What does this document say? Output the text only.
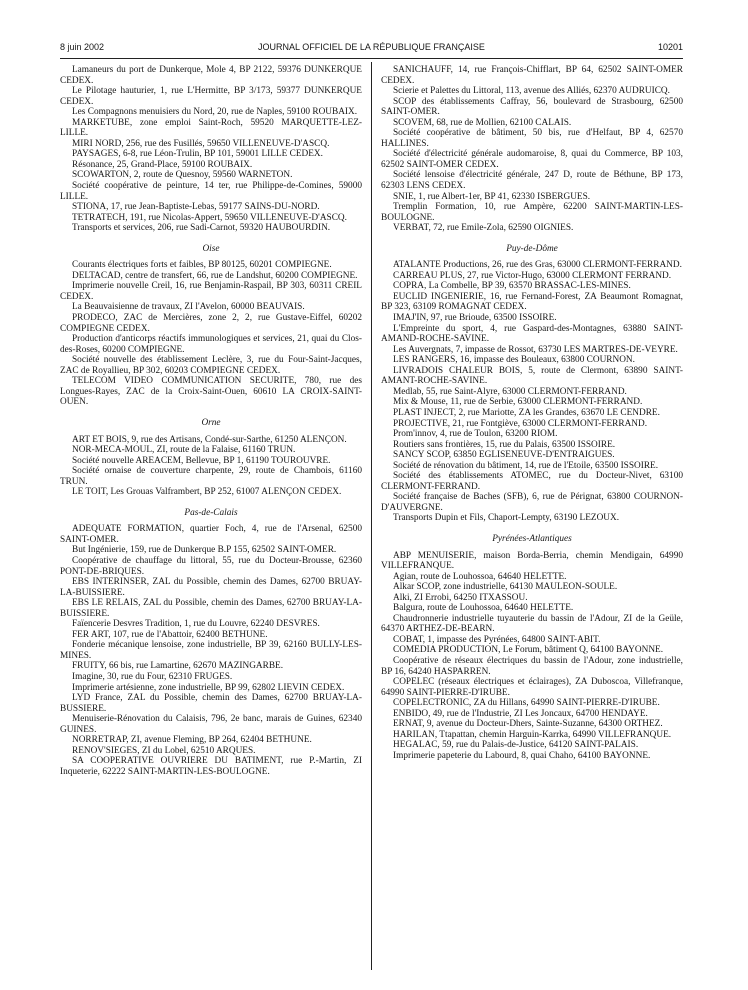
8 juin 2002	JOURNAL OFFICIEL DE LA RÉPUBLIQUE FRANÇAISE	10201

Lamaneurs du port de Dunkerque, Mole 4, BP 2122, 59376 DUNKERQUE CEDEX.

Le Pilotage hauturier, 1, rue L'Hermitte, BP 3/173, 59377 DUNKERQUE CEDEX.

Les Compagnons menuisiers du Nord, 20, rue de Naples, 59100 ROUBAIX.

MARKETUBE, zone emploi Saint-Roch, 59520 MARQUETTE-LEZ-LILLE.

MIRI NORD, 256, rue des Fusillés, 59650 VILLENEUVE-D'ASCQ.

PAYSAGES, 6-8, rue Léon-Trulin, BP 101, 59001 LILLE CEDEX.

Résonance, 25, Grand-Place, 59100 ROUBAIX.

SCOWARTON, 2, route de Quesnoy, 59560 WARNETON.

Société coopérative de peinture, 14 ter, rue Philippe-de-Comines, 59000 LILLE.

STIONA, 17, rue Jean-Baptiste-Lebas, 59177 SAINS-DU-NORD.

TETRATECH, 191, rue Nicolas-Appert, 59650 VILLENEUVE-D'ASCQ.

Transports et services, 206, rue Sadi-Carnot, 59320 HAUBOURDIN.

Oise

Courants électriques forts et faibles, BP 80125, 60201 COMPIEGNE.

DELTACAD, centre de transfert, 66, rue de Landshut, 60200 COMPIEGNE.

Imprimerie nouvelle Creil, 16, rue Benjamin-Raspail, BP 303, 60311 CREIL CEDEX.

La Beauvaisienne de travaux, ZI l'Avelon, 60000 BEAUVAIS.

PRODECO, ZAC de Mercières, zone 2, 2, rue Gustave-Eiffel, 60202 COMPIEGNE CEDEX.

Production d'anticorps réactifs immunologiques et services, 21, quai du Clos-des-Roses, 60200 COMPIEGNE.

Société nouvelle des établissement Leclère, 3, rue du Four-Saint-Jacques, ZAC de Royallieu, BP 302, 60203 COMPIEGNE CEDEX.

TELECOM VIDEO COMMUNICATION SECURITE, 780, rue des Longues-Rayes, ZAC de la Croix-Saint-Ouen, 60610 LA CROIX-SAINT-OUEN.

Orne

ART ET BOIS, 9, rue des Artisans, Condé-sur-Sarthe, 61250 ALENÇON.

NOR-MECA-MOUL, ZI, route de la Falaise, 61160 TRUN.

Société nouvelle AREACEM, Bellevue, BP 1, 61190 TOUROUVRE.

Société ornaise de couverture charpente, 29, route de Chambois, 61160 TRUN.

LE TOIT, Les Grouas Valframbert, BP 252, 61007 ALENÇON CEDEX.

Pas-de-Calais

ADEQUATE FORMATION, quartier Foch, 4, rue de l'Arsenal, 62500 SAINT-OMER.

But Ingénierie, 159, rue de Dunkerque B.P 155, 62502 SAINT-OMER.

Coopérative de chauffage du littoral, 55, rue du Docteur-Brousse, 62360 PONT-DE-BRIQUES.

EBS INTERINSER, ZAL du Possible, chemin des Dames, 62700 BRUAY-LA-BUISSIERE.

EBS LE RELAIS, ZAL du Possible, chemin des Dames, 62700 BRUAY-LA-BUISSIERE.

Faïencerie Desvres Tradition, 1, rue du Louvre, 62240 DESVRES.

FER ART, 107, rue de l'Abattoir, 62400 BETHUNE.

Fonderie mécanique lensoise, zone industrielle, BP 39, 62160 BULLY-LES-MINES.

FRUITY, 66 bis, rue Lamartine, 62670 MAZINGARBE.

Imagine, 30, rue du Four, 62310 FRUGES.

Imprimerie artésienne, zone industrielle, BP 99, 62802 LIEVIN CEDEX.

LYD France, ZAL du Possible, chemin des Dames, 62700 BRUAY-LA-BUSSIERE.

Menuiserie-Rénovation du Calaisis, 796, 2e banc, marais de Guines, 62340 GUINES.

NORRETRAP, ZI, avenue Fleming, BP 264, 62404 BETHUNE.

RENOV'SIEGES, ZI du Lobel, 62510 ARQUES.

SA COOPERATIVE OUVRIERE DU BATIMENT, rue P.-Martin, ZI Inqueterie, 62222 SAINT-MARTIN-LES-BOULOGNE.

SANICHAUFF, 14, rue François-Chifflart, BP 64, 62502 SAINT-OMER CEDEX.

Scierie et Palettes du Littoral, 113, avenue des Alliés, 62370 AUDRUICQ.

SCOP des établissements Caffray, 56, boulevard de Strasbourg, 62500 SAINT-OMER.

SCOVEM, 68, rue de Mollien, 62100 CALAIS.

Société coopérative de bâtiment, 50 bis, rue d'Helfaut, BP 4, 62570 HALLINES.

Société d'électricité générale audomaroise, 8, quai du Commerce, BP 103, 62502 SAINT-OMER CEDEX.

Société lensoise d'électricité générale, 247 D, route de Béthune, BP 173, 62303 LENS CEDEX.

SNIE, 1, rue Albert-1er, BP 41, 62330 ISBERGUES.

Tremplin Formation, 10, rue Ampère, 62200 SAINT-MARTIN-LES-BOULOGNE.

VERBAT, 72, rue Emile-Zola, 62590 OIGNIES.

Puy-de-Dôme

ATALANTE Productions, 26, rue des Gras, 63000 CLERMONT-FERRAND.

CARREAU PLUS, 27, rue Victor-Hugo, 63000 CLERMONT FERRAND.

COPRA, La Combelle, BP 39, 63570 BRASSAC-LES-MINES.

EUCLID INGENIERIE, 16, rue Fernand-Forest, ZA Beaumont Romagnat, BP 323, 63109 ROMAGNAT CEDEX.

IMAJ'IN, 97, rue Brioude, 63500 ISSOIRE.

L'Empreinte du sport, 4, rue Gaspard-des-Montagnes, 63880 SAINT-AMAND-ROCHE-SAVINE.

Les Auvergnats, 7, impasse de Rossot, 63730 LES MARTRES-DE-VEYRE.

LES RANGERS, 16, impasse des Bouleaux, 63800 COURNON.

LIVRADOIS CHALEUR BOIS, 5, route de Clermont, 63890 SAINT-AMANT-ROCHE-SAVINE.

Medlab, 55, rue Saint-Alyre, 63000 CLERMONT-FERRAND.

Mix & Mouse, 11, rue de Serbie, 63000 CLERMONT-FERRAND.

PLAST INJECT, 2, rue Mariotte, ZA les Grandes, 63670 LE CENDRE.

PROJECTIVE, 21, rue Fontgiève, 63000 CLERMONT-FERRAND.

Prom'innov, 4, rue de Toulon, 63200 RIOM.

Routiers sans frontières, 15, rue du Palais, 63500 ISSOIRE.

SANCY SCOP, 63850 EGLISENEUVE-D'ENTRAIGUES.

Société de rénovation du bâtiment, 14, rue de l'Etoile, 63500 ISSOIRE.

Société des établissements ATOMEC, rue du Docteur-Nivet, 63100 CLERMONT-FERRAND.

Société française de Baches (SFB), 6, rue de Pérignat, 63800 COURNON-D'AUVERGNE.

Transports Dupin et Fils, Chaport-Lempty, 63190 LEZOUX.

Pyrénées-Atlantiques

ABP MENUISERIE, maison Borda-Berria, chemin Mendigain, 64990 VILLEFRANQUE.

Agian, route de Louhossoa, 64640 HELETTE.

Alkar SCOP, zone industrielle, 64130 MAULEON-SOULE.

Alki, ZI Errobi, 64250 ITXASSOU.

Balgura, route de Louhossoa, 64640 HELETTE.

Chaudronnerie industrielle tuyauterie du bassin de l'Adour, ZI de la Geüle, 64370 ARTHEZ-DE-BEARN.

COBAT, 1, impasse des Pyrénées, 64800 SAINT-ABIT.

COMEDIA PRODUCTION, Le Forum, bâtiment Q, 64100 BAYONNE.

Coopérative de réseaux électriques du bassin de l'Adour, zone industrielle, BP 16, 64240 HASPARREN.

COPELEC (réseaux électriques et éclairages), ZA Duboscoa, Villefranque, 64990 SAINT-PIERRE-D'IRUBE.

COPELECTRONIC, ZA du Hillans, 64990 SAINT-PIERRE-D'IRUBE.

ENBIDO, 49, rue de l'Industrie, ZI Les Joncaux, 64700 HENDAYE.

ERNAT, 9, avenue du Docteur-Dhers, Sainte-Suzanne, 64300 ORTHEZ.

HARILAN, Ttapattan, chemin Harguin-Karrka, 64990 VILLEFRANQUE.

HEGALAC, 59, rue du Palais-de-Justice, 64120 SAINT-PALAIS.

Imprimerie papeterie du Labourd, 8, quai Chaho, 64100 BAYONNE.
